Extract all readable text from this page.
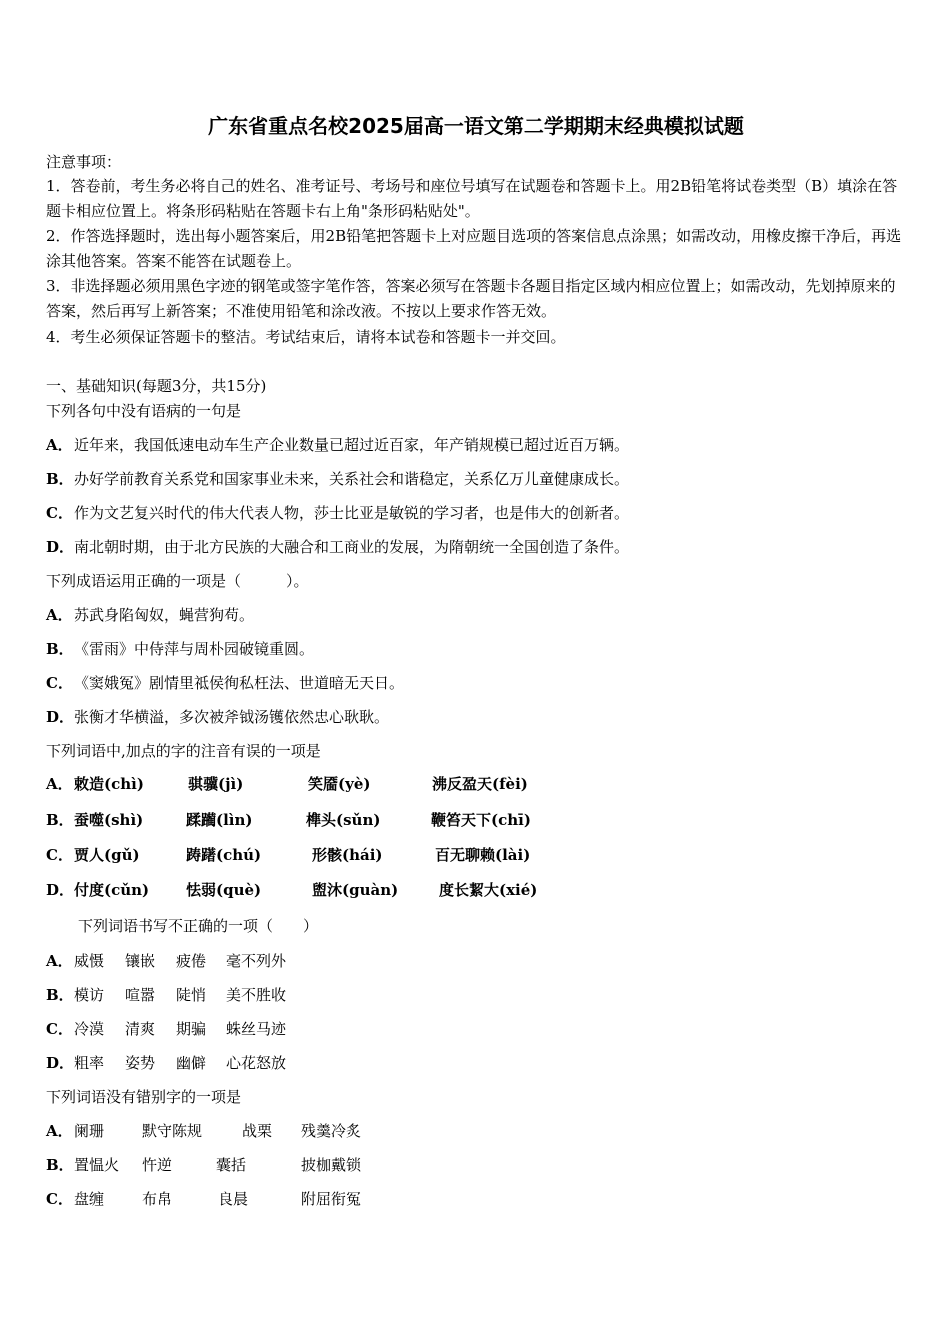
广东省重点名校2025届高一语文第二学期期末经典模拟试题
注意事项：
1．答卷前，考生务必将自己的姓名、准考证号、考场号和座位号填写在试题卷和答题卡上。用2B铅笔将试卷类型（B）填涂在答题卡相应位置上。将条形码粘贴在答题卡右上角"条形码粘贴处"。
2．作答选择题时，选出每小题答案后，用2B铅笔把答题卡上对应题目选项的答案信息点涂黑；如需改动，用橡皮擦干净后，再选涂其他答案。答案不能答在试题卷上。
3．非选择题必须用黑色字迹的钢笔或签字笔作答，答案必须写在答题卡各题目指定区域内相应位置上；如需改动，先划掉原来的答案，然后再写上新答案；不准使用铅笔和涂改液。不按以上要求作答无效。
4．考生必须保证答题卡的整洁。考试结束后，请将本试卷和答题卡一并交回。
一、基础知识(每题3分，共15分)
下列各句中没有语病的一句是
A．近年来，我国低速电动车生产企业数量已超过近百家，年产销规模已超过近百万辆。
B．办好学前教育关系党和国家事业未来，关系社会和谐稳定，关系亿万儿童健康成长。
C．作为文艺复兴时代的伟大代表人物，莎士比亚是敏锐的学习者，也是伟大的创新者。
D．南北朝时期，由于北方民族的大融合和工商业的发展，为隋朝统一全国创造了条件。
下列成语运用正确的一项是（　　　）。
A．苏武身陷匈奴，蝇营狗苟。
B．《雷雨》中侍萍与周朴园破镜重圆。
C．《窦娥冤》剧情里祗侯徇私枉法、世道暗无天日。
D．张衡才华横溢，多次被斧钺汤镬依然忠心耿耿。
下列词语中,加点的字的注音有误的一项是
A． 敕造(chì)	骐骥(jì)	笑靥(yè)	沸反盈天(fèi)
B． 蚕噬(shì)	蹂躏(lìn)	榫头(sǔn)	鞭笞天下(chī)
C． 贾人(gǔ)	踌躇(chú)	形骸(hái)	百无聊赖(lài)
D． 付度(cǔn) 怯弱(què)	盥沐(guàn)	度长絜大(xié)
下列词语书写不正确的一项（　　）
A． 威慑 镶嵌 疲倦 毫不列外
B． 模访 喧嚣 陡悄 美不胜收
C． 冷漠 清爽 期骗 蛛丝马迹
D． 粗率 姿势 幽僻 心花怒放
下列词语没有错别字的一项是
A． 阑珊	默守陈规	战栗 残羹冷炙
B． 置愠火 忤逆	囊括	披枷戴锁
C． 盘缠	布帛	良晨	附屈衔冤
